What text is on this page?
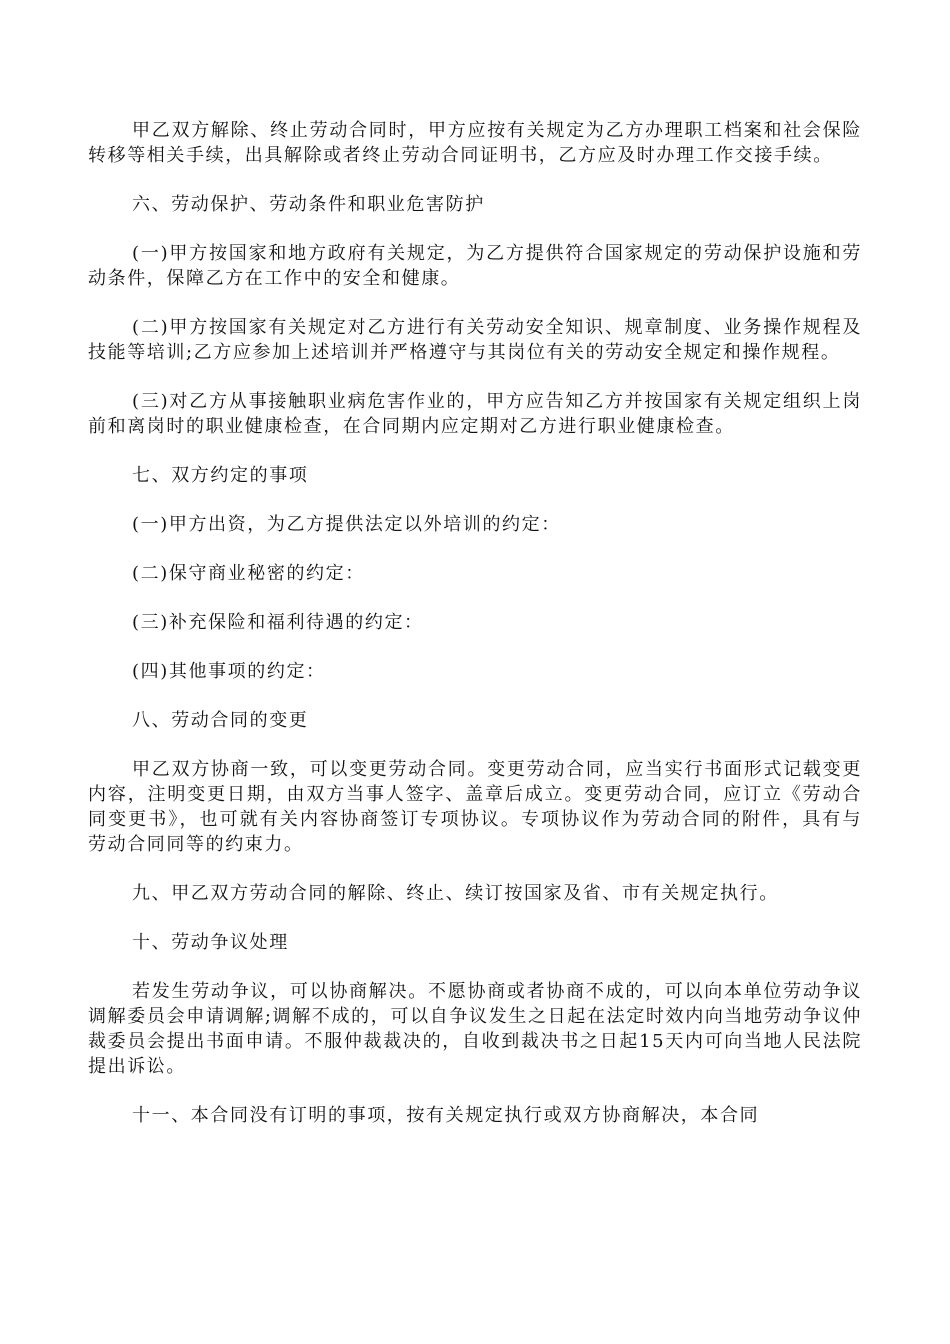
甲乙双方解除、终止劳动合同时，甲方应按有关规定为乙方办理职工档案和社会保险转移等相关手续，出具解除或者终止劳动合同证明书，乙方应及时办理工作交接手续。

六、劳动保护、劳动条件和职业危害防护

(一)甲方按国家和地方政府有关规定，为乙方提供符合国家规定的劳动保护设施和劳动条件，保障乙方在工作中的安全和健康。

(二)甲方按国家有关规定对乙方进行有关劳动安全知识、规章制度、业务操作规程及技能等培训;乙方应参加上述培训并严格遵守与其岗位有关的劳动安全规定和操作规程。

(三)对乙方从事接触职业病危害作业的，甲方应告知乙方并按国家有关规定组织上岗前和离岗时的职业健康检查，在合同期内应定期对乙方进行职业健康检查。

七、双方约定的事项

(一)甲方出资，为乙方提供法定以外培训的约定：

(二)保守商业秘密的约定：

(三)补充保险和福利待遇的约定：

(四)其他事项的约定：

八、劳动合同的变更

甲乙双方协商一致，可以变更劳动合同。变更劳动合同，应当实行书面形式记载变更内容，注明变更日期，由双方当事人签字、盖章后成立。变更劳动合同，应订立《劳动合同变更书》，也可就有关内容协商签订专项协议。专项协议作为劳动合同的附件，具有与劳动合同同等的约束力。

九、甲乙双方劳动合同的解除、终止、续订按国家及省、市有关规定执行。

十、劳动争议处理

若发生劳动争议，可以协商解决。不愿协商或者协商不成的，可以向本单位劳动争议调解委员会申请调解;调解不成的，可以自争议发生之日起在法定时效内向当地劳动争议仲裁委员会提出书面申请。不服仲裁裁决的，自收到裁决书之日起15天内可向当地人民法院提出诉讼。

十一、本合同没有订明的事项，按有关规定执行或双方协商解决，本合同
